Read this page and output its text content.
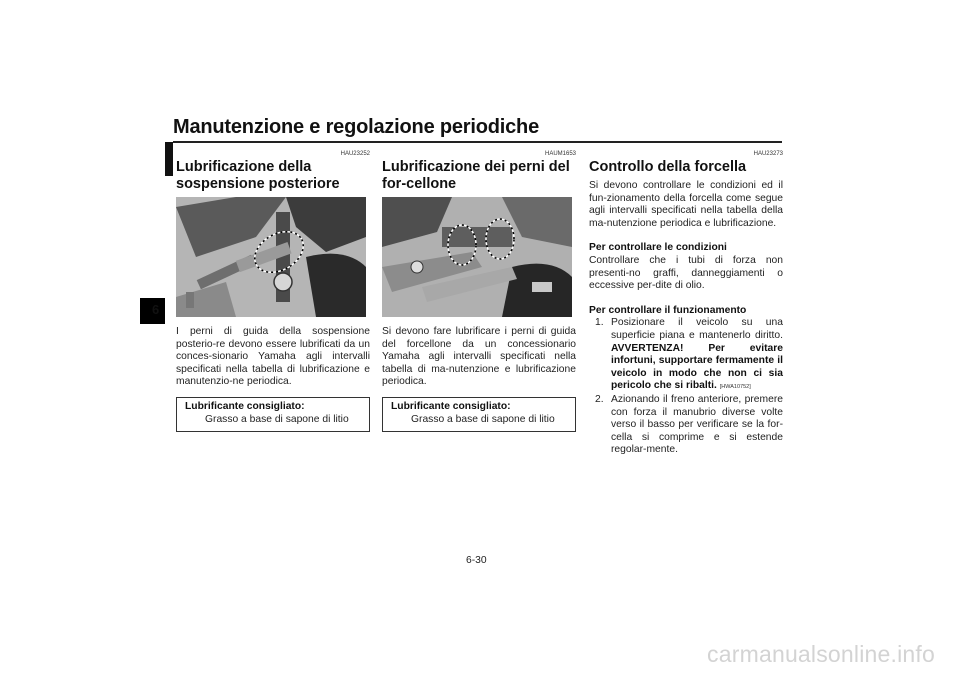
Manutenzione e regolazione periodiche
6
HAU23252
Lubrificazione della sospensione posteriore

I perni di guida della sospensione posterio-re devono essere lubrificati da un conces-sionario Yamaha agli intervalli specificati nella tabella di lubrificazione e manutenzio-ne periodica.

Lubrificante consigliato:
Grasso a base di sapone di litio
HAUM1653
Lubrificazione dei perni del for-cellone

Si devono fare lubrificare i perni di guida del forcellone da un concessionario Yamaha agli intervalli specificati nella tabella di ma-nutenzione e lubrificazione periodica.

Lubrificante consigliato:
Grasso a base di sapone di litio
HAU23273
Controllo della forcella

Si devono controllare le condizioni ed il fun-zionamento della forcella come segue agli intervalli specificati nella tabella della ma-nutenzione periodica e lubrificazione.

Per controllare le condizioni

Controllare che i tubi di forza non presenti-no graffi, danneggiamenti o eccessive per-dite di olio.

Per controllare il funzionamento
1. Posizionare il veicolo su una superficie piana e mantenerlo diritto. AVVERTENZA! Per evitare infortuni, supportare fermamente il veicolo in modo che non ci sia pericolo che si ribalti. [HWA10752]
2. Azionando il freno anteriore, premere con forza il manubrio diverse volte verso il basso per verificare se la for-cella si comprime e si estende regolar-mente.
6-30
carmanualsonline.info
